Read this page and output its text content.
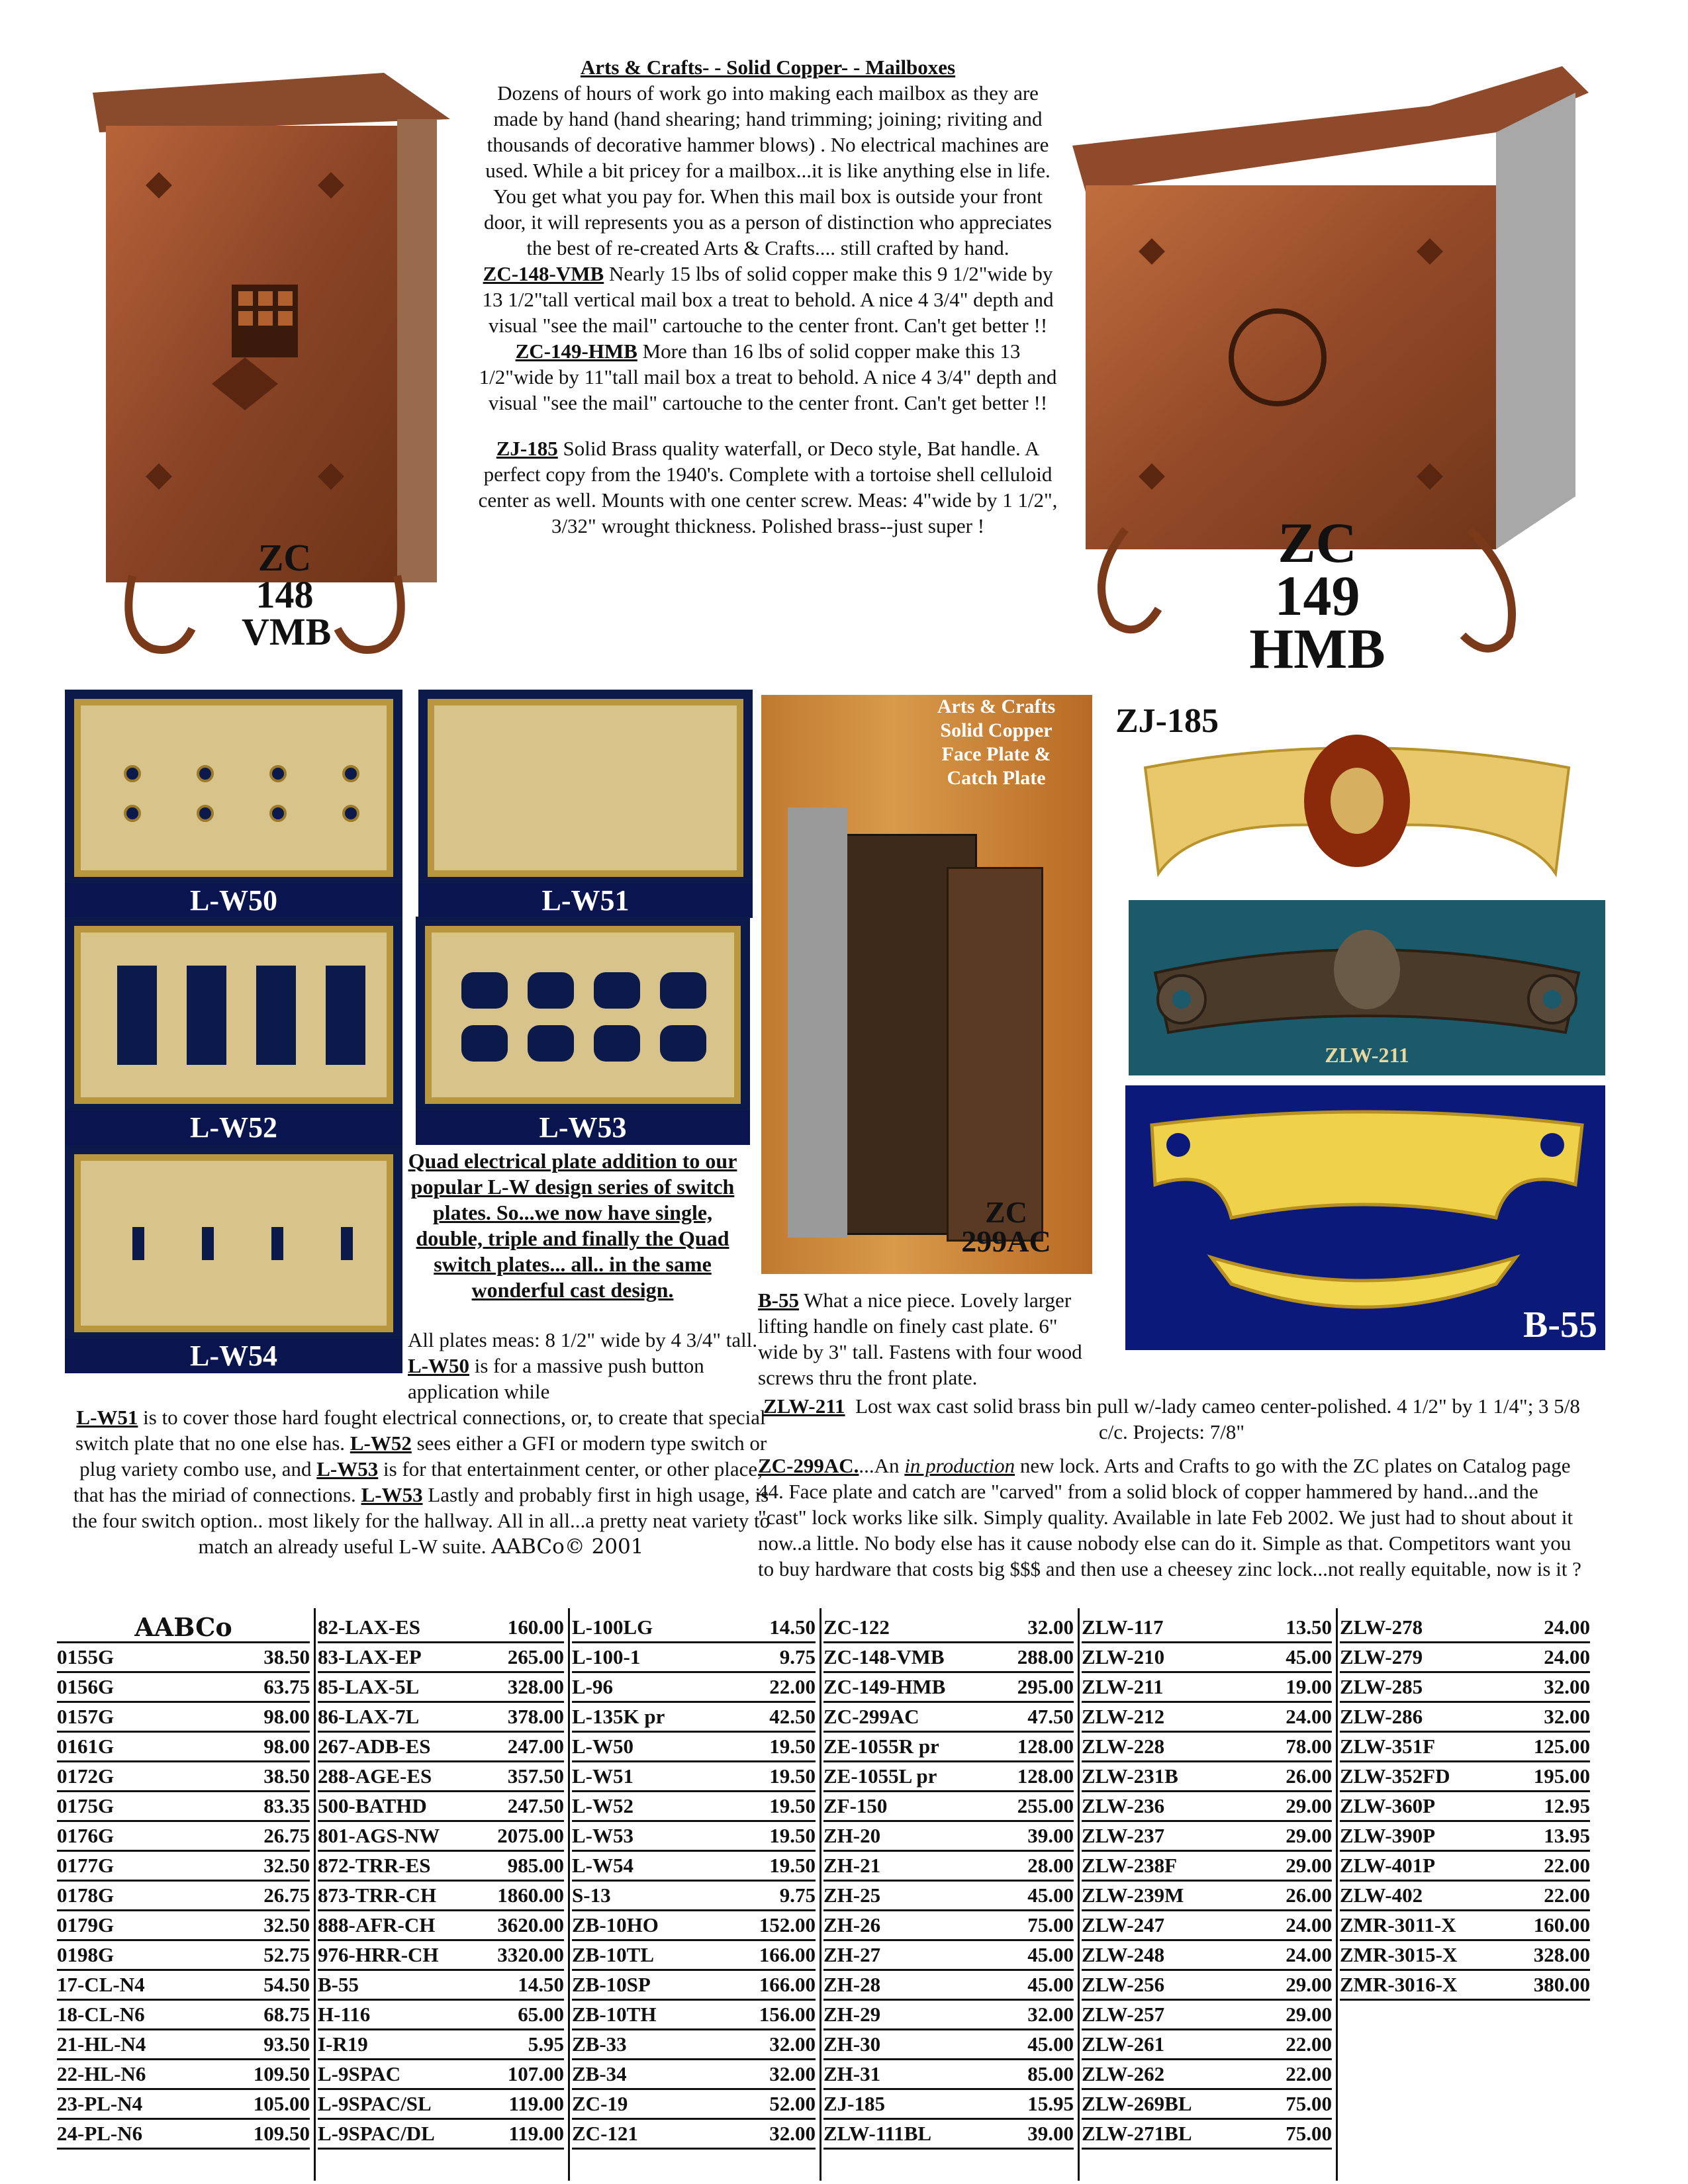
ZC
148
VMB
ZC
149
HMB
Arts & Crafts- - Solid Copper- - Mailboxes
Dozens of hours of work go into making each mailbox as they are made by hand (hand shearing; hand trimming; joining; riviting and thousands of decorative hammer blows) . No electrical machines are used. While a bit pricey for a mailbox...it is like anything else in life. You get what you pay for. When this mail box is outside your front door, it will represents you as a person of distinction who appreciates the best of re-created Arts & Crafts.... still crafted by hand.
ZC-148-VMB Nearly 15 lbs of solid copper make this 9 1/2"wide by 13 1/2"tall vertical mail box a treat to behold. A nice 4 3/4" depth and visual "see the mail" cartouche to the center front. Can't get better !!
ZC-149-HMB More than 16 lbs of solid copper make this 13 1/2"wide by 11"tall mail box a treat to behold. A nice 4 3/4" depth and visual "see the mail" cartouche to the center front. Can't get better !!
ZJ-185 Solid Brass quality waterfall, or Deco style, Bat handle. A perfect copy from the 1940's. Complete with a tortoise shell celluloid center as well. Mounts with one center screw. Meas: 4"wide by 1 1/2", 3/32" wrought thickness. Polished brass--just super !
L-W50	L-W51
L-W52	L-W53
L-W54
Quad electrical plate addition to our popular L-W design series of switch plates. So...we now have single, double, triple and finally the Quad switch plates... all.. in the same wonderful cast design.
All plates meas: 8 1/2" wide by 4 3/4" tall. L-W50 is for a massive push button application while
L-W51 is to cover those hard fought electrical connections, or, to create that special switch plate that no one else has. L-W52 sees either a GFI or modern type switch or plug variety combo use, and L-W53 is for that entertainment center, or other place, that has the miriad of connections. L-W53 Lastly and probably first in high usage, is the four switch option.. most likely for the hallway. All in all...a pretty neat variety to match an already useful L-W suite. AABCo© 2001
Arts & Crafts
Solid Copper
Face Plate &
Catch Plate
ZC
299AC
ZJ-185
ZLW-211
B-55
B-55 What a nice piece. Lovely larger lifting handle on finely cast plate. 6" wide by 3" tall. Fastens with four wood screws thru the front plate.
ZLW-211 Lost wax cast solid brass bin pull w/-lady cameo center-polished. 4 1/2" by 1 1/4"; 3 5/8 c/c. Projects: 7/8"
ZC-299AC....An in production new lock. Arts and Crafts to go with the ZC plates on Catalog page 44. Face plate and catch are "carved" from a solid block of copper hammered by hand...and the "cast" lock works like silk. Simply quality. Available in late Feb 2002. We just had to shout about it now..a little. No body else has it cause nobody else can do it. Simple as that. Competitors want you to buy hardware that costs big $$$ and then use a cheesey zinc lock...not really equitable, now is it ?
AABCo
0155G	38.50
0156G	63.75
0157G	98.00
0161G	98.00
0172G	38.50
0175G	83.35
0176G	26.75
0177G	32.50
0178G	26.75
0179G	32.50
0198G	52.75
17-CL-N4	54.50
18-CL-N6	68.75
21-HL-N4	93.50
22-HL-N6	109.50
23-PL-N4	105.00
24-PL-N6	109.50
82-LAX-ES	160.00
83-LAX-EP	265.00
85-LAX-5L	328.00
86-LAX-7L	378.00
267-ADB-ES	247.00
288-AGE-ES	357.50
500-BATHD	247.50
801-AGS-NW	2075.00
872-TRR-ES	985.00
873-TRR-CH	1860.00
888-AFR-CH	3620.00
976-HRR-CH	3320.00
B-55	14.50
H-116	65.00
I-R19	5.95
L-9SPAC	107.00
L-9SPAC/SL	119.00
L-9SPAC/DL	119.00
L-100LG	14.50
L-100-1	9.75
L-96	22.00
L-135K pr	42.50
L-W50	19.50
L-W51	19.50
L-W52	19.50
L-W53	19.50
L-W54	19.50
S-13	9.75
ZB-10HO	152.00
ZB-10TL	166.00
ZB-10SP	166.00
ZB-10TH	156.00
ZB-33	32.00
ZB-34	32.00
ZC-19	52.00
ZC-121	32.00
ZC-122	32.00
ZC-148-VMB	288.00
ZC-149-HMB	295.00
ZC-299AC	47.50
ZE-1055R pr	128.00
ZE-1055L pr	128.00
ZF-150	255.00
ZH-20	39.00
ZH-21	28.00
ZH-25	45.00
ZH-26	75.00
ZH-27	45.00
ZH-28	45.00
ZH-29	32.00
ZH-30	45.00
ZH-31	85.00
ZJ-185	15.95
ZLW-111BL	39.00
ZLW-117	13.50
ZLW-210	45.00
ZLW-211	19.00
ZLW-212	24.00
ZLW-228	78.00
ZLW-231B	26.00
ZLW-236	29.00
ZLW-237	29.00
ZLW-238F	29.00
ZLW-239M	26.00
ZLW-247	24.00
ZLW-248	24.00
ZLW-256	29.00
ZLW-257	29.00
ZLW-261	22.00
ZLW-262	22.00
ZLW-269BL	75.00
ZLW-271BL	75.00
ZLW-278	24.00
ZLW-279	24.00
ZLW-285	32.00
ZLW-286	32.00
ZLW-351F	125.00
ZLW-352FD	195.00
ZLW-360P	12.95
ZLW-390P	13.95
ZLW-401P	22.00
ZLW-402	22.00
ZMR-3011-X	160.00
ZMR-3015-X	328.00
ZMR-3016-X	380.00
